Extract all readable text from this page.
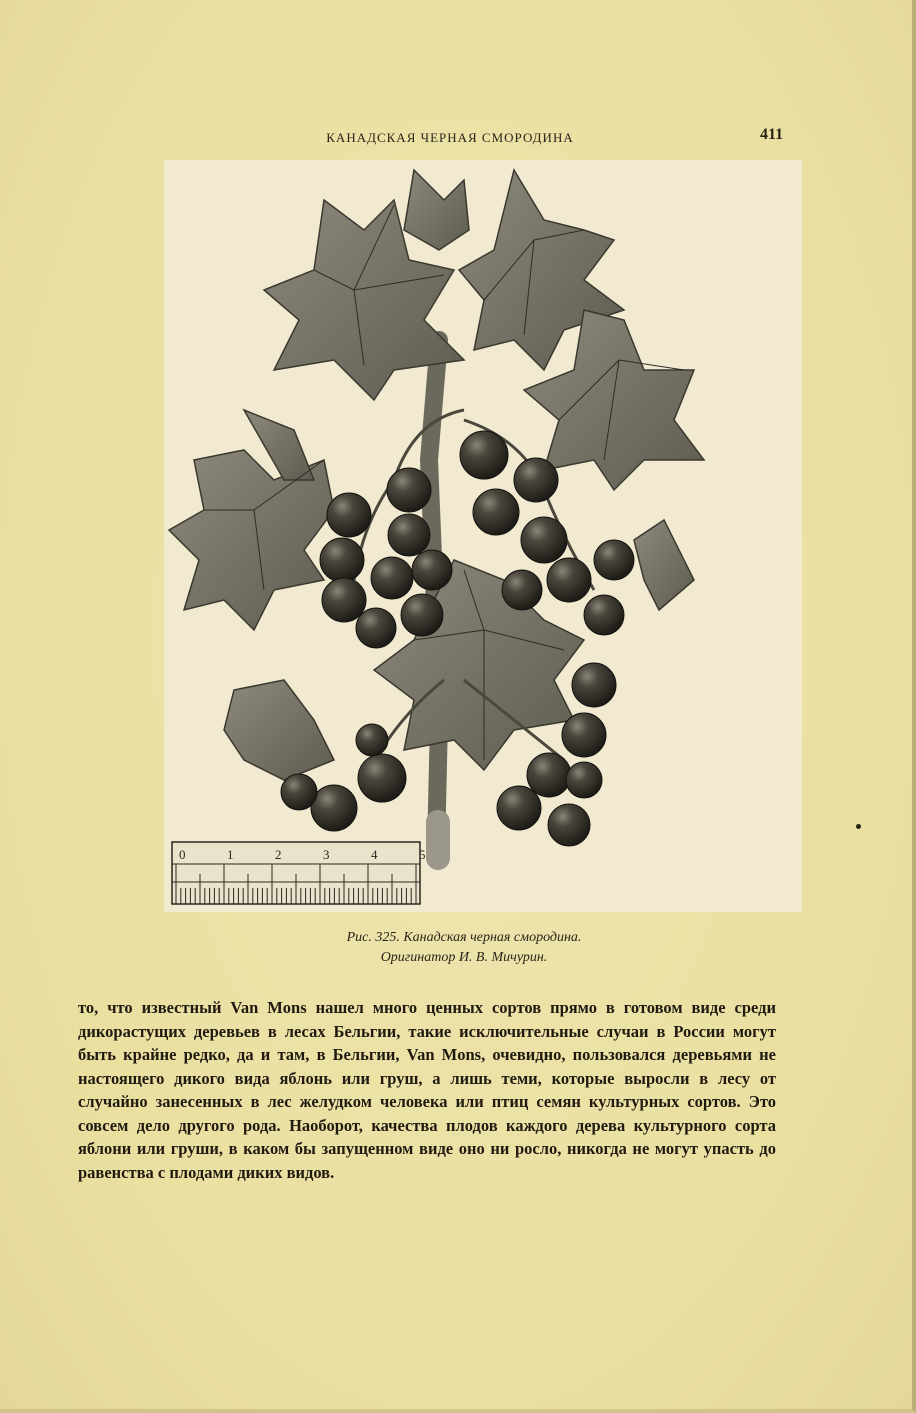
КАНАДСКАЯ ЧЕРНАЯ СМОРОДИНА	411
0	1	2	3	4	5
Рис. 325. Канадская черная смородина.
Оригинатор И. В. Мичурин.
то, что известный Van Mons нашел много ценных сортов прямо в готовом виде среди дикорастущих деревьев в лесах Бельгии, такие исключительные случаи в России могут быть крайне редко, да и там, в Бельгии, Van Mons, очевидно, пользовался деревьями не настоящего дикого вида яблонь или груш, а лишь теми, которые выросли в лесу от случайно занесенных в лес желудком человека или птиц семян культурных сортов. Это совсем дело другого рода. Наоборот, качества плодов каждого дерева культурного сорта яблони или груши, в каком бы запущенном виде оно ни росло, никогда не могут упасть до равенства с плодами диких видов.
